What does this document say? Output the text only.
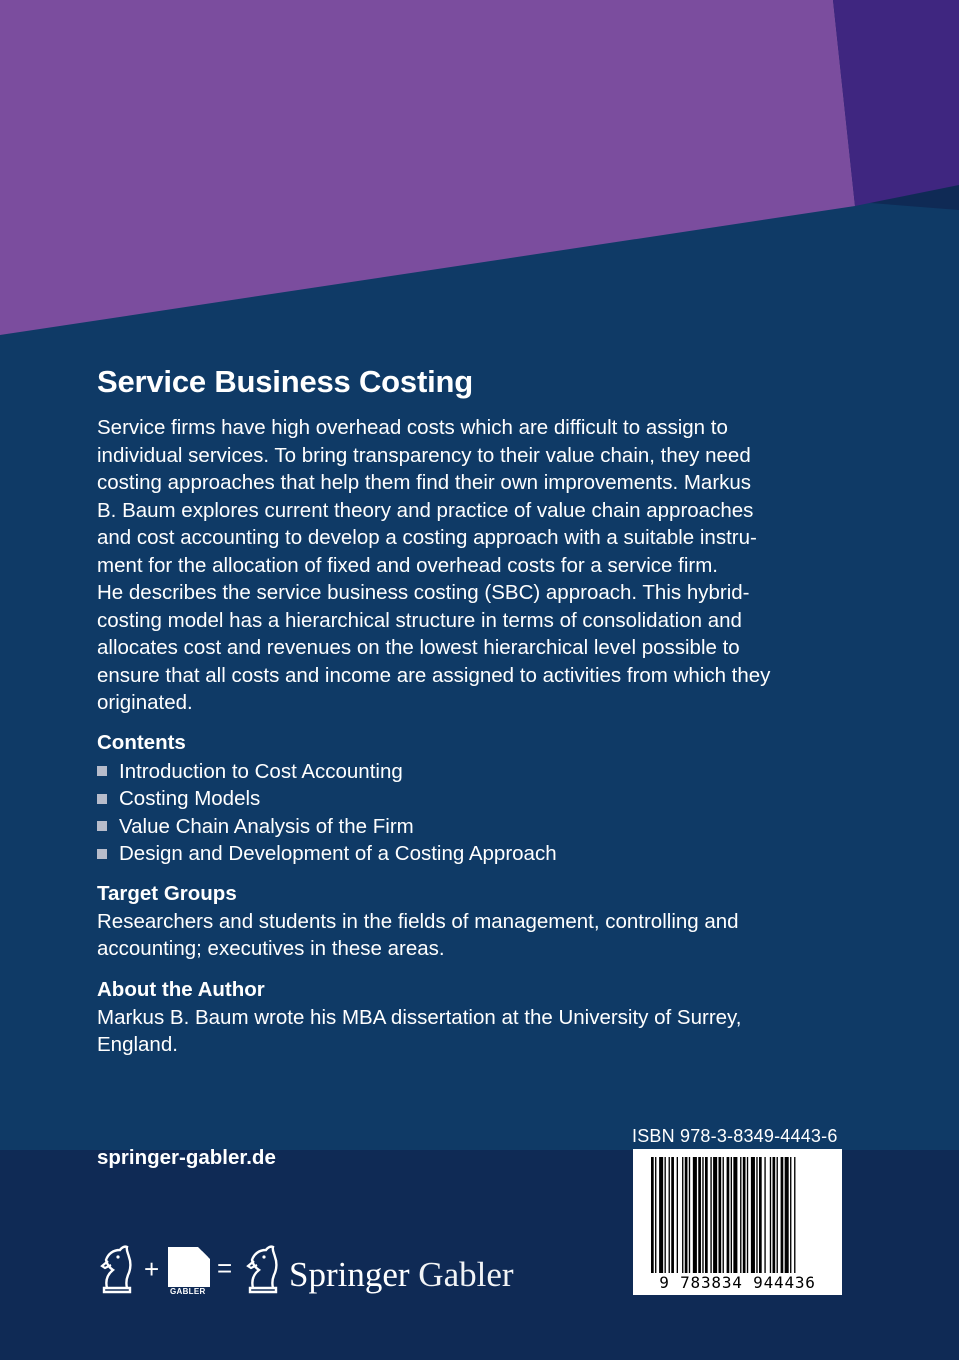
Service Business Costing
Service firms have high overhead costs which are difficult to assign to
individual services. To bring transparency to their value chain, they need
costing approaches that help them find their own improvements. Markus
B. Baum explores current theory and practice of value chain approaches
and cost accounting to develop a costing approach with a suitable instru-
ment for the allocation of fixed and overhead costs for a service firm.
He describes the service business costing (SBC) approach. This hybrid-
costing model has a hierarchical structure in terms of consolidation and
allocates cost and revenues on the lowest hierarchical level possible to
ensure that all costs and income are assigned to activities from which they
originated.
Contents
Introduction to Cost Accounting
Costing Models
Value Chain Analysis of the Firm
Design and Development of a Costing Approach
Target Groups
Researchers and students in the fields of management, controlling and
accounting; executives in these areas.
About the Author
Markus B. Baum wrote his MBA dissertation at the University of Surrey,
England.
springer-gabler.de
ISBN 978-3-8349-4443-6
9 783834 944436
+
GABLER
= Springer Gabler
